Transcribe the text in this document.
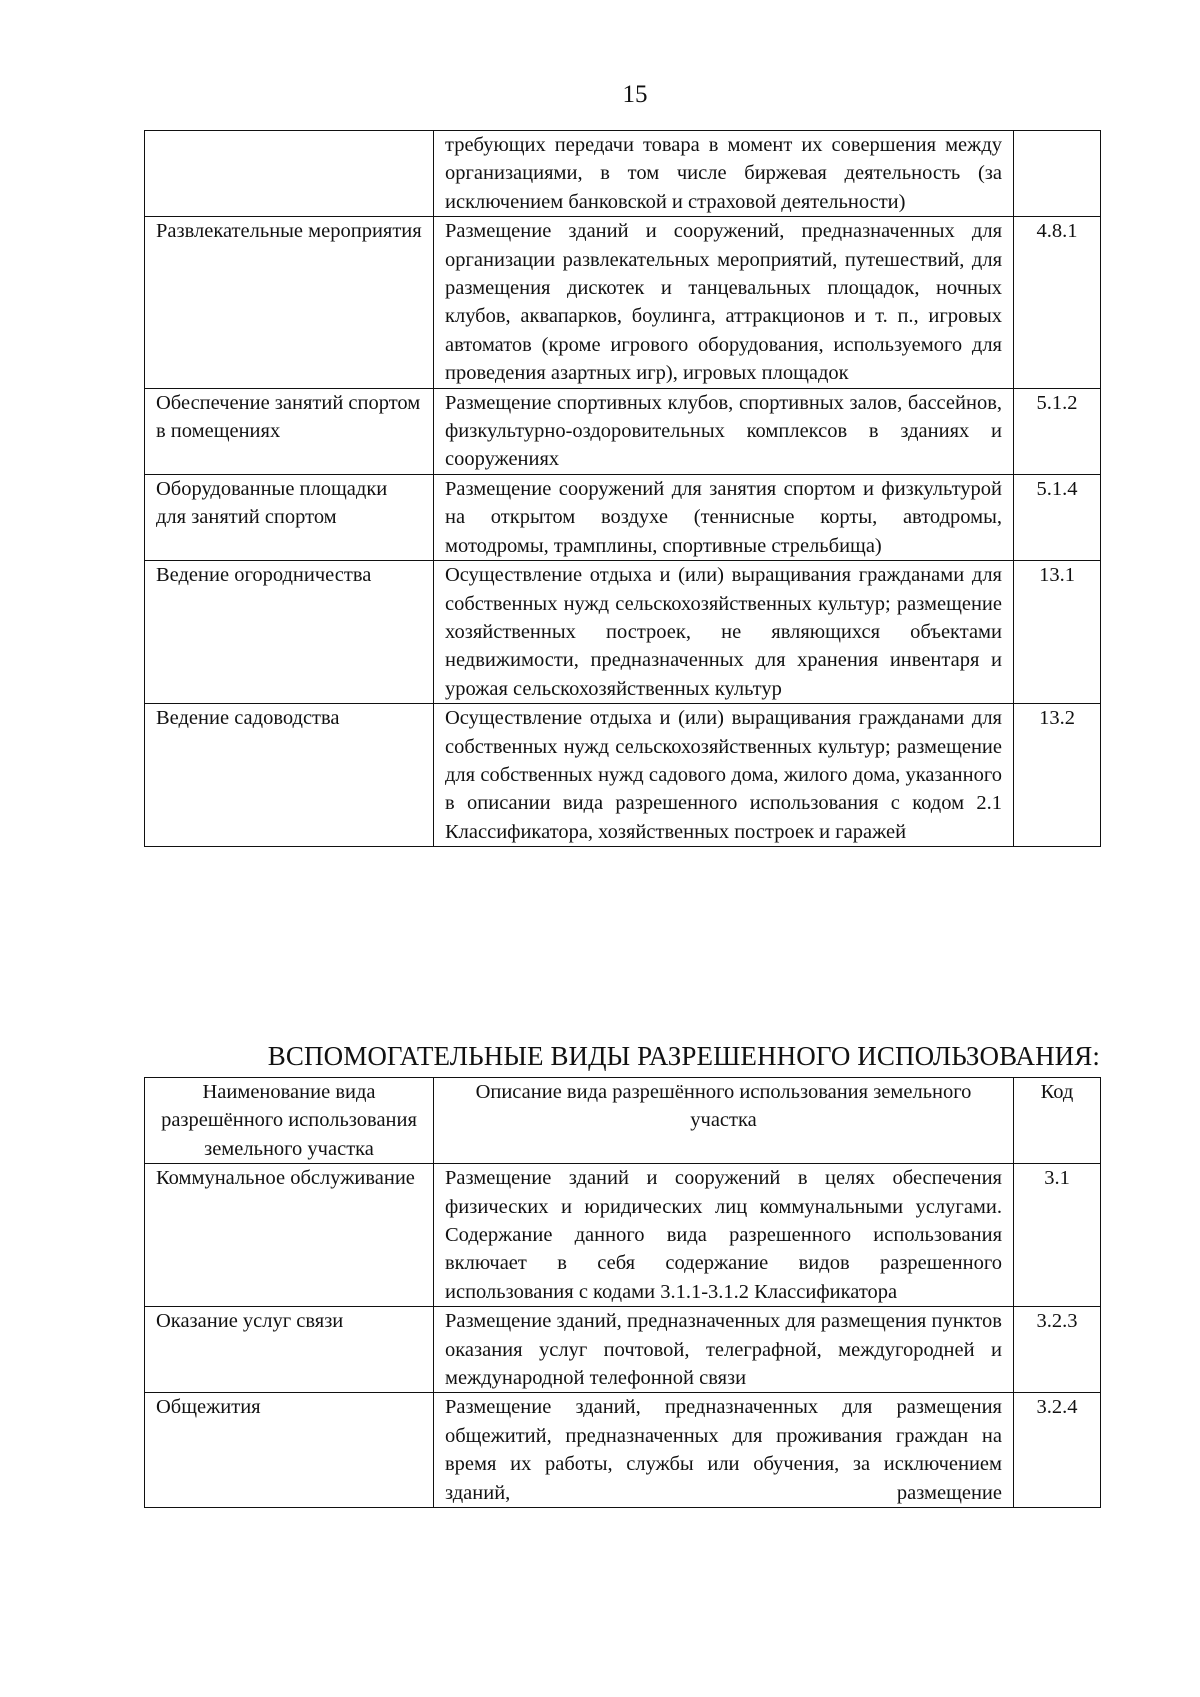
15
	требующих передачи товара в момент их совершения между организациями, в том числе биржевая деятельность (за исключением банковской и страховой деятельности)	
Развлекательные мероприятия	Размещение зданий и сооружений, предназначенных для организации развлекательных мероприятий, путешествий, для размещения дискотек и танцевальных площадок, ночных клубов, аквапарков, боулинга, аттракционов и т. п., игровых автоматов (кроме игрового оборудования, используемого для проведения азартных игр), игровых площадок	4.8.1
Обеспечение занятий спортом в помещениях	Размещение спортивных клубов, спортивных залов, бассейнов, физкультурно-оздоровительных комплексов в зданиях и сооружениях	5.1.2
Оборудованные площадки для занятий спортом	Размещение сооружений для занятия спортом и физкультурой на открытом воздухе (теннисные корты, автодромы, мотодромы, трамплины, спортивные стрельбища)	5.1.4
Ведение огородничества	Осуществление отдыха и (или) выращивания гражданами для собственных нужд сельскохозяйственных культур; размещение хозяйственных построек, не являющихся объектами недвижимости, предназначенных для хранения инвентаря и урожая сельскохозяйственных культур	13.1
Ведение садоводства	Осуществление отдыха и (или) выращивания гражданами для собственных нужд сельскохозяйственных культур; размещение для собственных нужд садового дома, жилого дома, указанного в описании вида разрешенного использования с кодом 2.1 Классификатора, хозяйственных построек и гаражей	13.2
ВСПОМОГАТЕЛЬНЫЕ ВИДЫ РАЗРЕШЕННОГО ИСПОЛЬЗОВАНИЯ:
Наименование вида разрешённого использования земельного участка	Описание вида разрешённого использования земельного участка	Код
Коммунальное обслуживание	Размещение зданий и сооружений в целях обеспечения физических и юридических лиц коммунальными услугами. Содержание данного вида разрешенного использования включает в себя содержание видов разрешенного использования с кодами 3.1.1-3.1.2 Классификатора	3.1
Оказание услуг связи	Размещение зданий, предназначенных для размещения пунктов оказания услуг почтовой, телеграфной, междугородней и международной телефонной связи	3.2.3
Общежития	Размещение зданий, предназначенных для размещения общежитий, предназначенных для проживания граждан на время их работы, службы или обучения, за исключением зданий, размещение	3.2.4
